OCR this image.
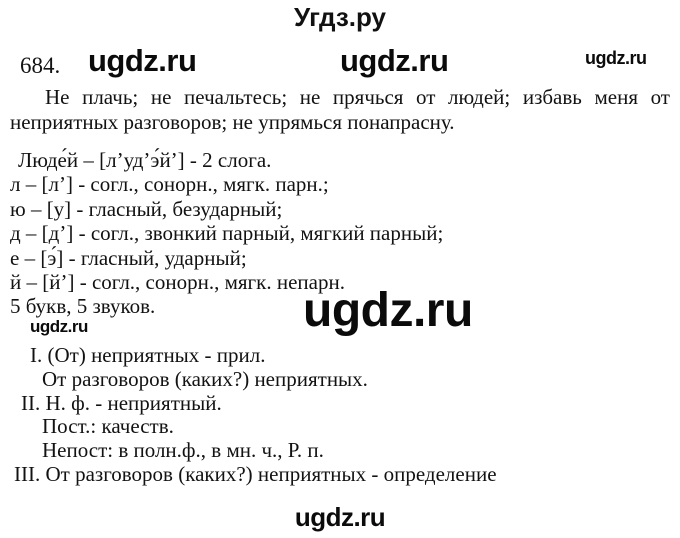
Угдз.ру
684. ugdz.ru	ugdz.ru	ugdz.ru
Не плачь; не печальтесь; не прячься от людей; избавь меня от
неприятных разговоров; не упрямься понапрасну.
Люде́й – [л’уд’э́й’] - 2 слога.
л – [л’] - согл., сонорн., мягк. парн.;
ю – [у] - гласный, безударный;
д – [д’] - согл., звонкий парный, мягкий парный;
е – [э́] - гласный, ударный;
й – [й’] - согл., сонорн., мягк. непарн.
5 букв, 5 звуков.	ugdz.ru
ugdz.ru
I. (От) неприятных - прил.
От разговоров (каких?) неприятных.
II. Н. ф. - неприятный.
Пост.: качеств.
Непост: в полн.ф., в мн. ч., Р. п.
III. От разговоров (каких?) неприятных - определение
ugdz.ru
